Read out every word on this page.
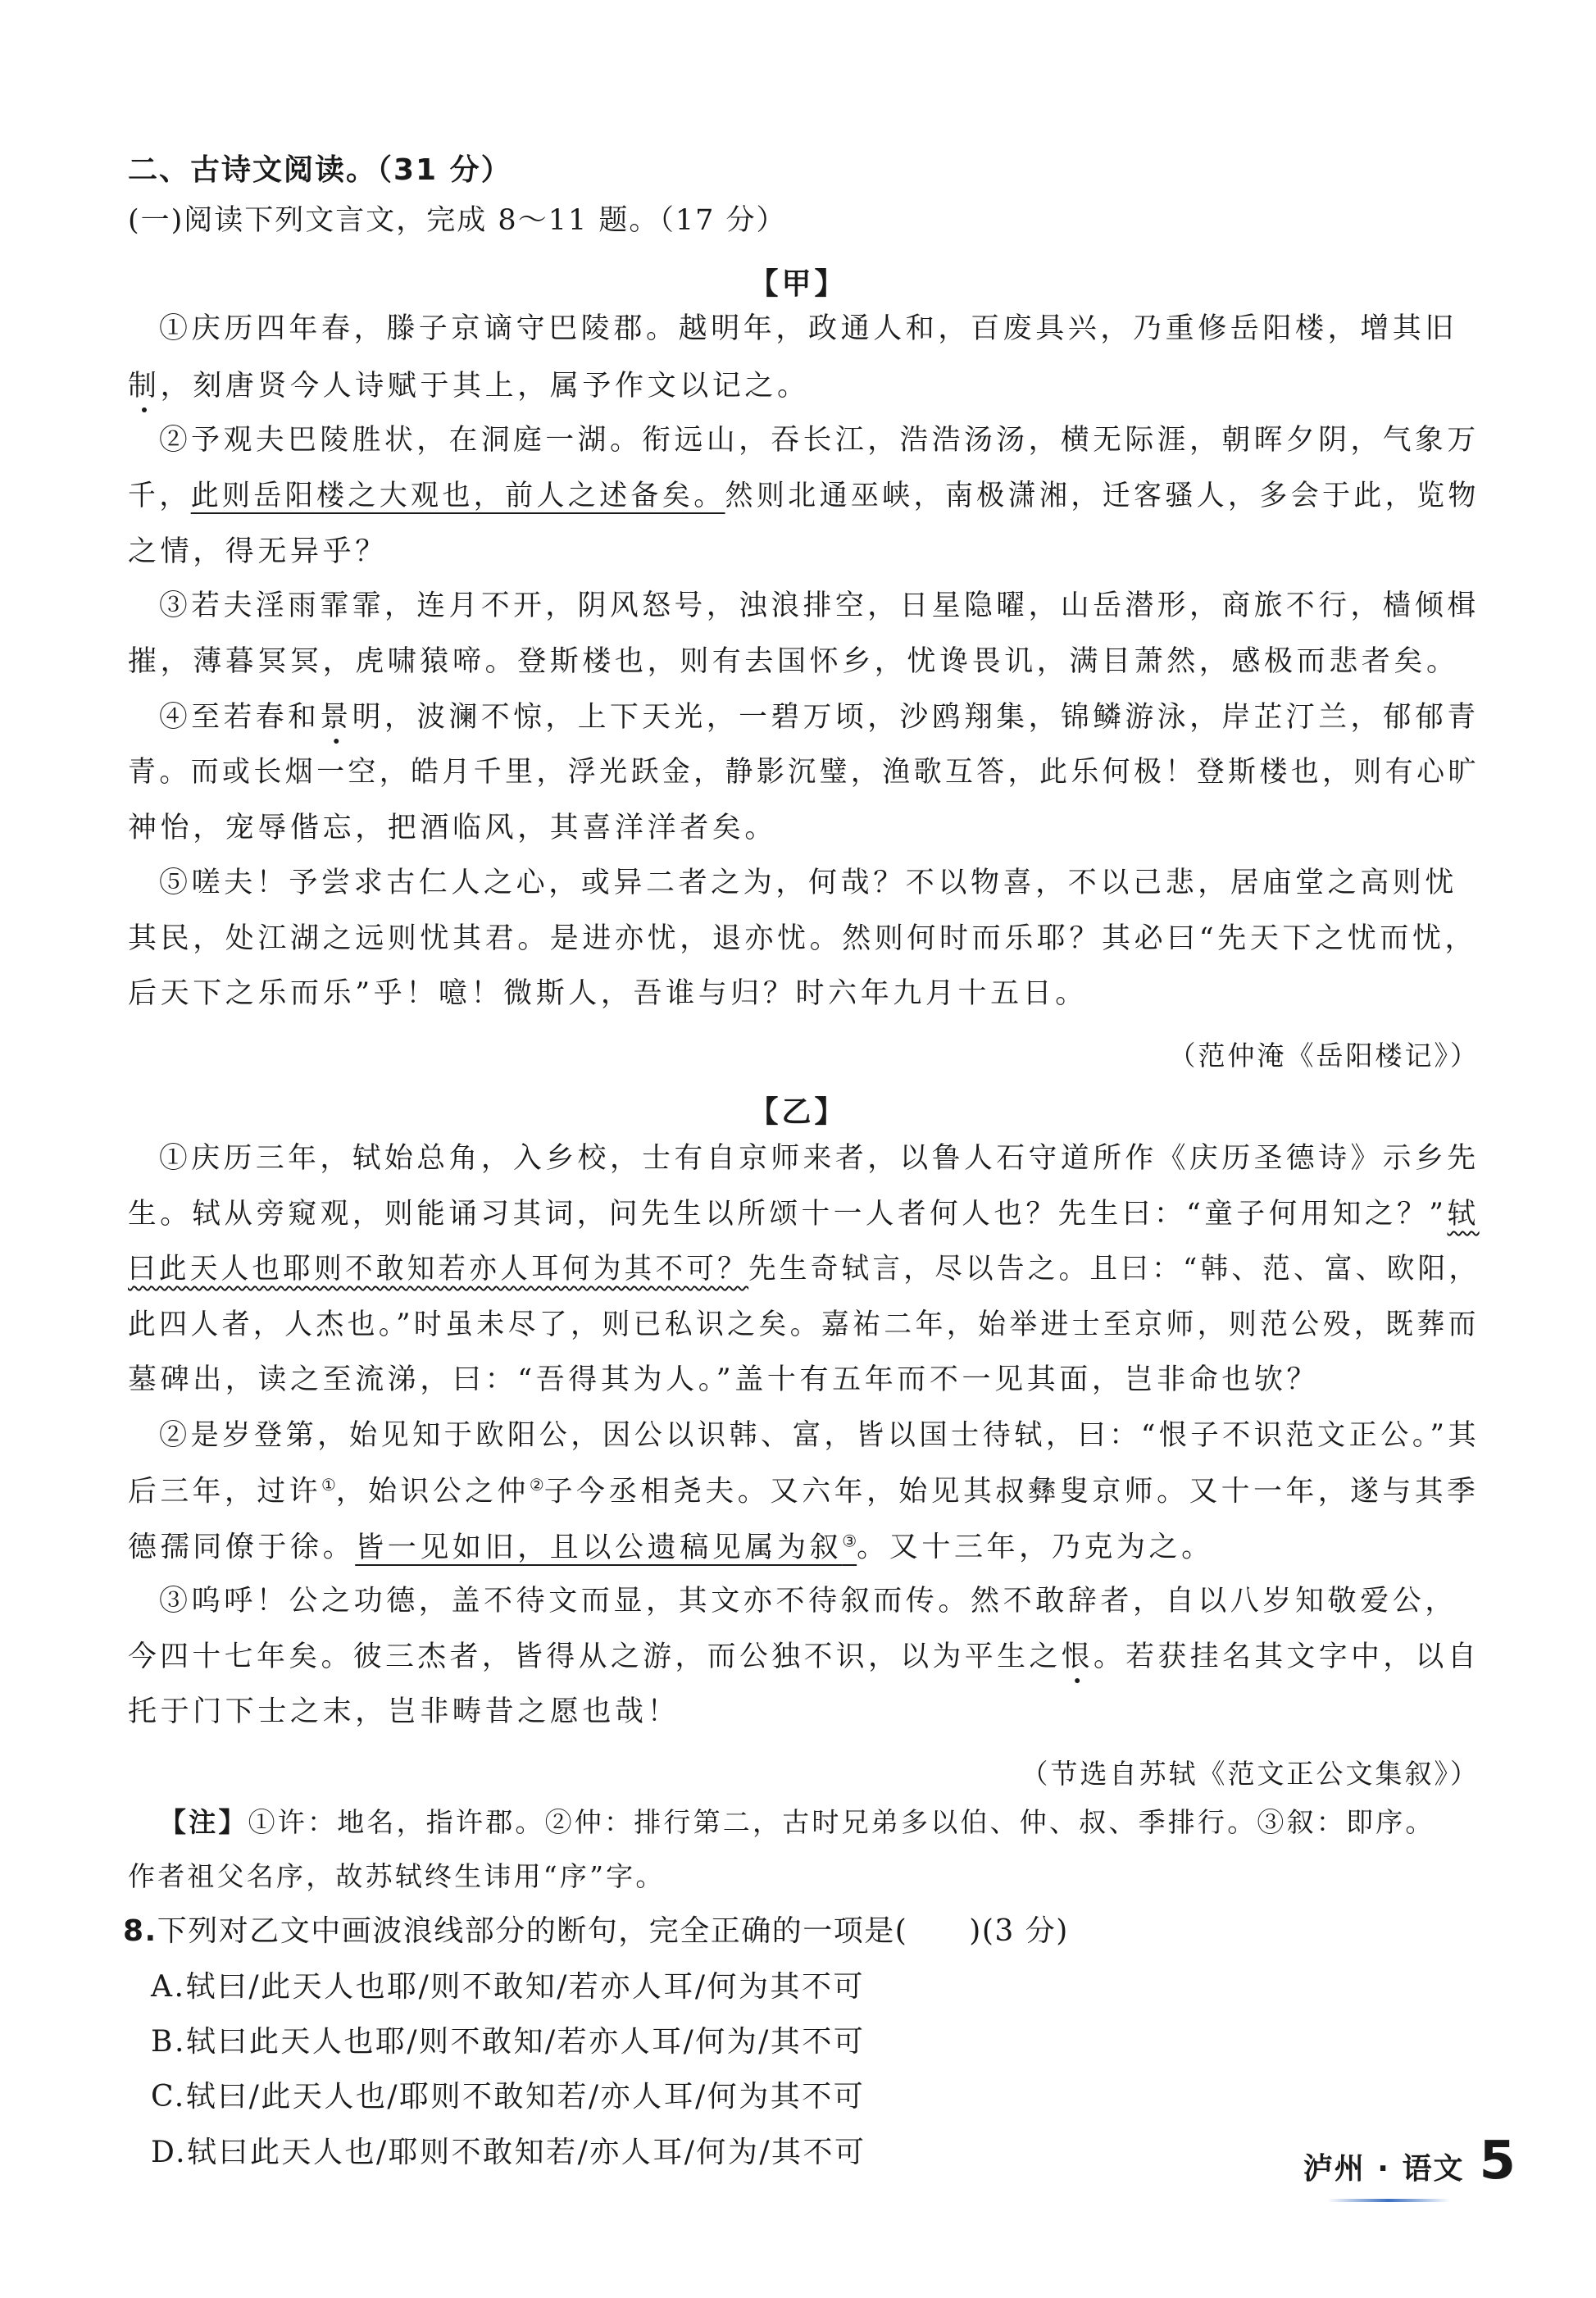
二、古诗文阅读。（31 分）
(一)阅读下列文言文，完成 8～11 题。（17 分）
【甲】
①庆历四年春，滕子京谪守巴陵郡。越明年，政通人和，百废具兴，乃重修岳阳楼，增其旧
制，刻唐贤今人诗赋于其上，属予作文以记之。
②予观夫巴陵胜状，在洞庭一湖。衔远山，吞长江，浩浩汤汤，横无际涯，朝晖夕阴，气象万
千，此则岳阳楼之大观也，前人之述备矣。然则北通巫峡，南极潇湘，迁客骚人，多会于此，览物
之情，得无异乎？
③若夫淫雨霏霏，连月不开，阴风怒号，浊浪排空，日星隐曜，山岳潜形，商旅不行，樯倾楫
摧，薄暮冥冥，虎啸猿啼。登斯楼也，则有去国怀乡，忧谗畏讥，满目萧然，感极而悲者矣。
④至若春和景明，波澜不惊，上下天光，一碧万顷，沙鸥翔集，锦鳞游泳，岸芷汀兰，郁郁青
青。而或长烟一空，皓月千里，浮光跃金，静影沉璧，渔歌互答，此乐何极！登斯楼也，则有心旷
神怡，宠辱偕忘，把酒临风，其喜洋洋者矣。
⑤嗟夫！予尝求古仁人之心，或异二者之为，何哉？不以物喜，不以己悲，居庙堂之高则忧
其民，处江湖之远则忧其君。是进亦忧，退亦忧。然则何时而乐耶？其必曰“先天下之忧而忧，
后天下之乐而乐”乎！噫！微斯人，吾谁与归？时六年九月十五日。
（范仲淹《岳阳楼记》）
【乙】
①庆历三年，轼始总角，入乡校，士有自京师来者，以鲁人石守道所作《庆历圣德诗》示乡先
生。轼从旁窥观，则能诵习其词，问先生以所颂十一人者何人也？先生曰：“童子何用知之？”轼
曰此天人也耶则不敢知若亦人耳何为其不可？先生奇轼言，尽以告之。且曰：“韩、范、富、欧阳，
此四人者，人杰也。”时虽未尽了，则已私识之矣。嘉祐二年，始举进士至京师，则范公殁，既葬而
墓碑出，读之至流涕，曰：“吾得其为人。”盖十有五年而不一见其面，岂非命也欤？
②是岁登第，始见知于欧阳公，因公以识韩、富，皆以国士待轼，曰：“恨子不识范文正公。”其
后三年，过许①，始识公之仲②子今丞相尧夫。又六年，始见其叔彝叟京师。又十一年，遂与其季
德孺同僚于徐。皆一见如旧，且以公遗稿见属为叙③。又十三年，乃克为之。
③呜呼！公之功德，盖不待文而显，其文亦不待叙而传。然不敢辞者，自以八岁知敬爱公，
今四十七年矣。彼三杰者，皆得从之游，而公独不识，以为平生之恨。若获挂名其文字中，以自
托于门下士之末，岂非畴昔之愿也哉！
（节选自苏轼《范文正公文集叙》）
【注】①许：地名，指许郡。②仲：排行第二，古时兄弟多以伯、仲、叔、季排行。③叙：即序。
作者祖父名序，故苏轼终生讳用“序”字。
8.下列对乙文中画波浪线部分的断句，完全正确的一项是(　　)(3 分)
A.轼曰/此天人也耶/则不敢知/若亦人耳/何为其不可
B.轼曰此天人也耶/则不敢知/若亦人耳/何为/其不可
C.轼曰/此天人也/耶则不敢知若/亦人耳/何为其不可
D.轼曰此天人也/耶则不敢知若/亦人耳/何为/其不可	泸州 · 语文 5
